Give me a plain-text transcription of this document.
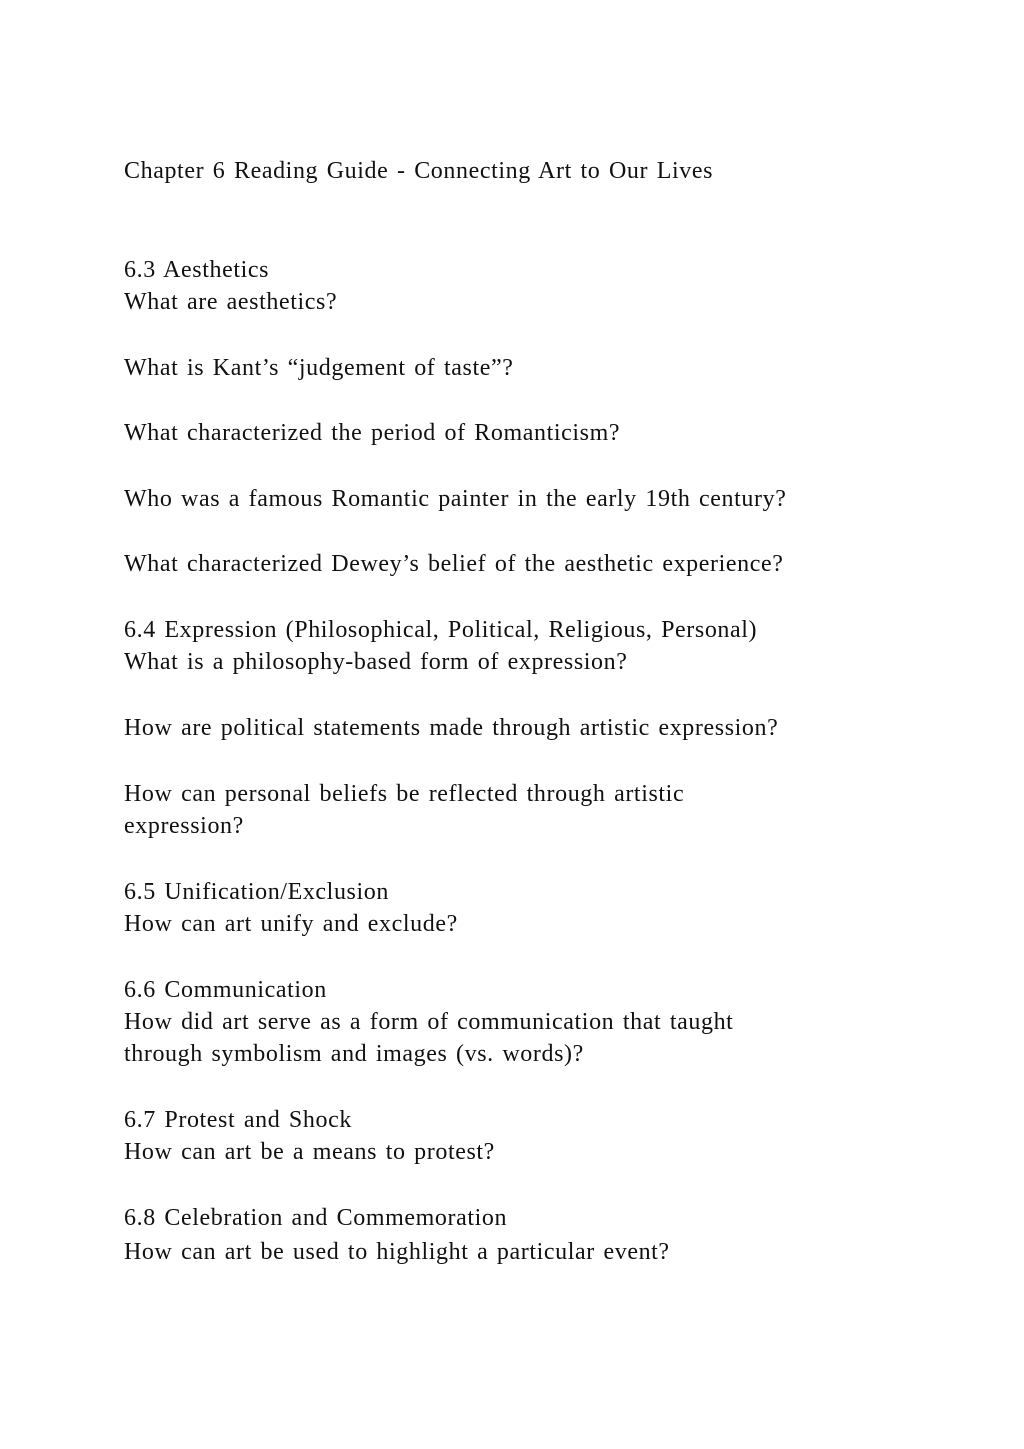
Chapter 6 Reading Guide - Connecting Art to Our Lives

6.3 Aesthetics

What are aesthetics?

What is Kant’s “judgement of taste”?

What characterized the period of Romanticism?

Who was a famous Romantic painter in the early 19th century?

What characterized Dewey’s belief of the aesthetic experience?

6.4 Expression (Philosophical, Political, Religious, Personal)

What is a philosophy-based form of expression?

How are political statements made through artistic expression?

How can personal beliefs be reflected through artistic

expression?

6.5 Unification/Exclusion

How can art unify and exclude?

6.6 Communication

How did art serve as a form of communication that taught

through symbolism and images (vs. words)?

6.7 Protest and Shock

How can art be a means to protest?

6.8 Celebration and Commemoration

How can art be used to highlight a particular event?
